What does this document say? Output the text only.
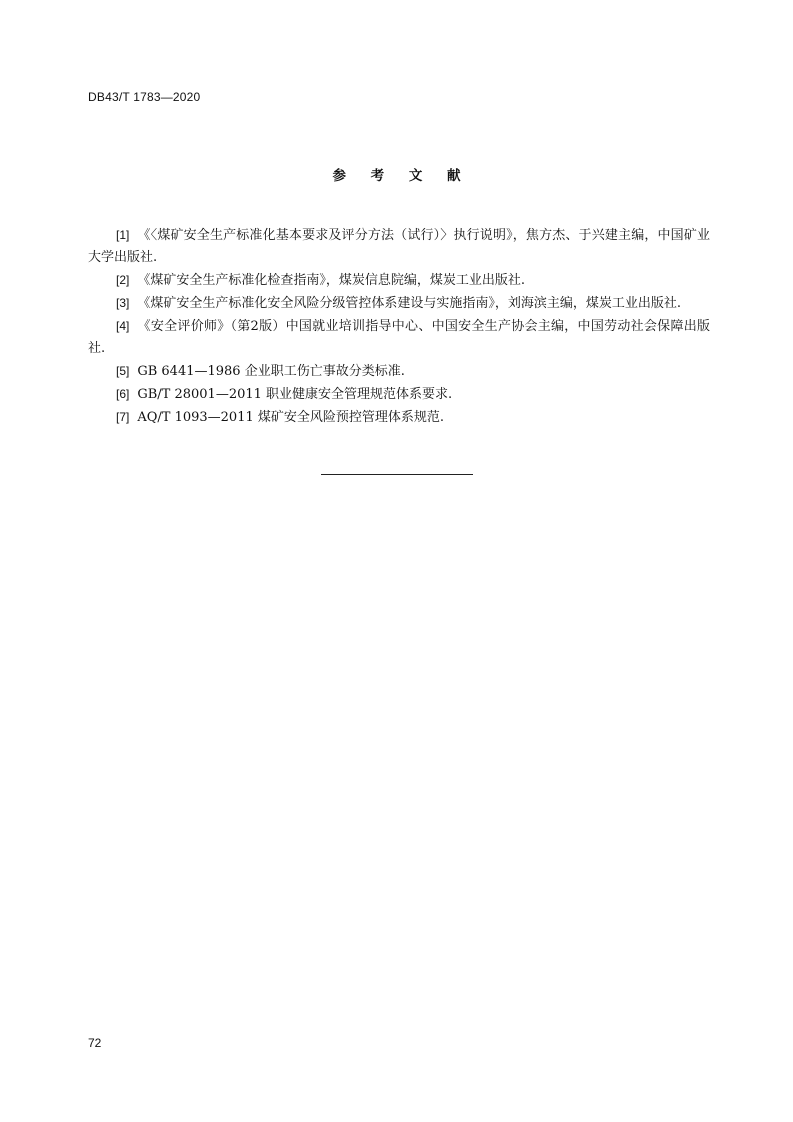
DB43/T 1783—2020
参 考 文 献

[1] 《〈煤矿安全生产标准化基本要求及评分方法（试行）〉执行说明》，焦方杰、于兴建主编，中国矿业大学出版社.

[2] 《煤矿安全生产标准化检查指南》，煤炭信息院编，煤炭工业出版社.

[3] 《煤矿安全生产标准化安全风险分级管控体系建设与实施指南》，刘海滨主编，煤炭工业出版社.

[4] 《安全评价师》（第2版）中国就业培训指导中心、中国安全生产协会主编，中国劳动社会保障出版社.

[5] GB 6441—1986 企业职工伤亡事故分类标准.

[6] GB/T 28001—2011 职业健康安全管理规范体系要求.

[7] AQ/T 1093—2011 煤矿安全风险预控管理体系规范.

72
